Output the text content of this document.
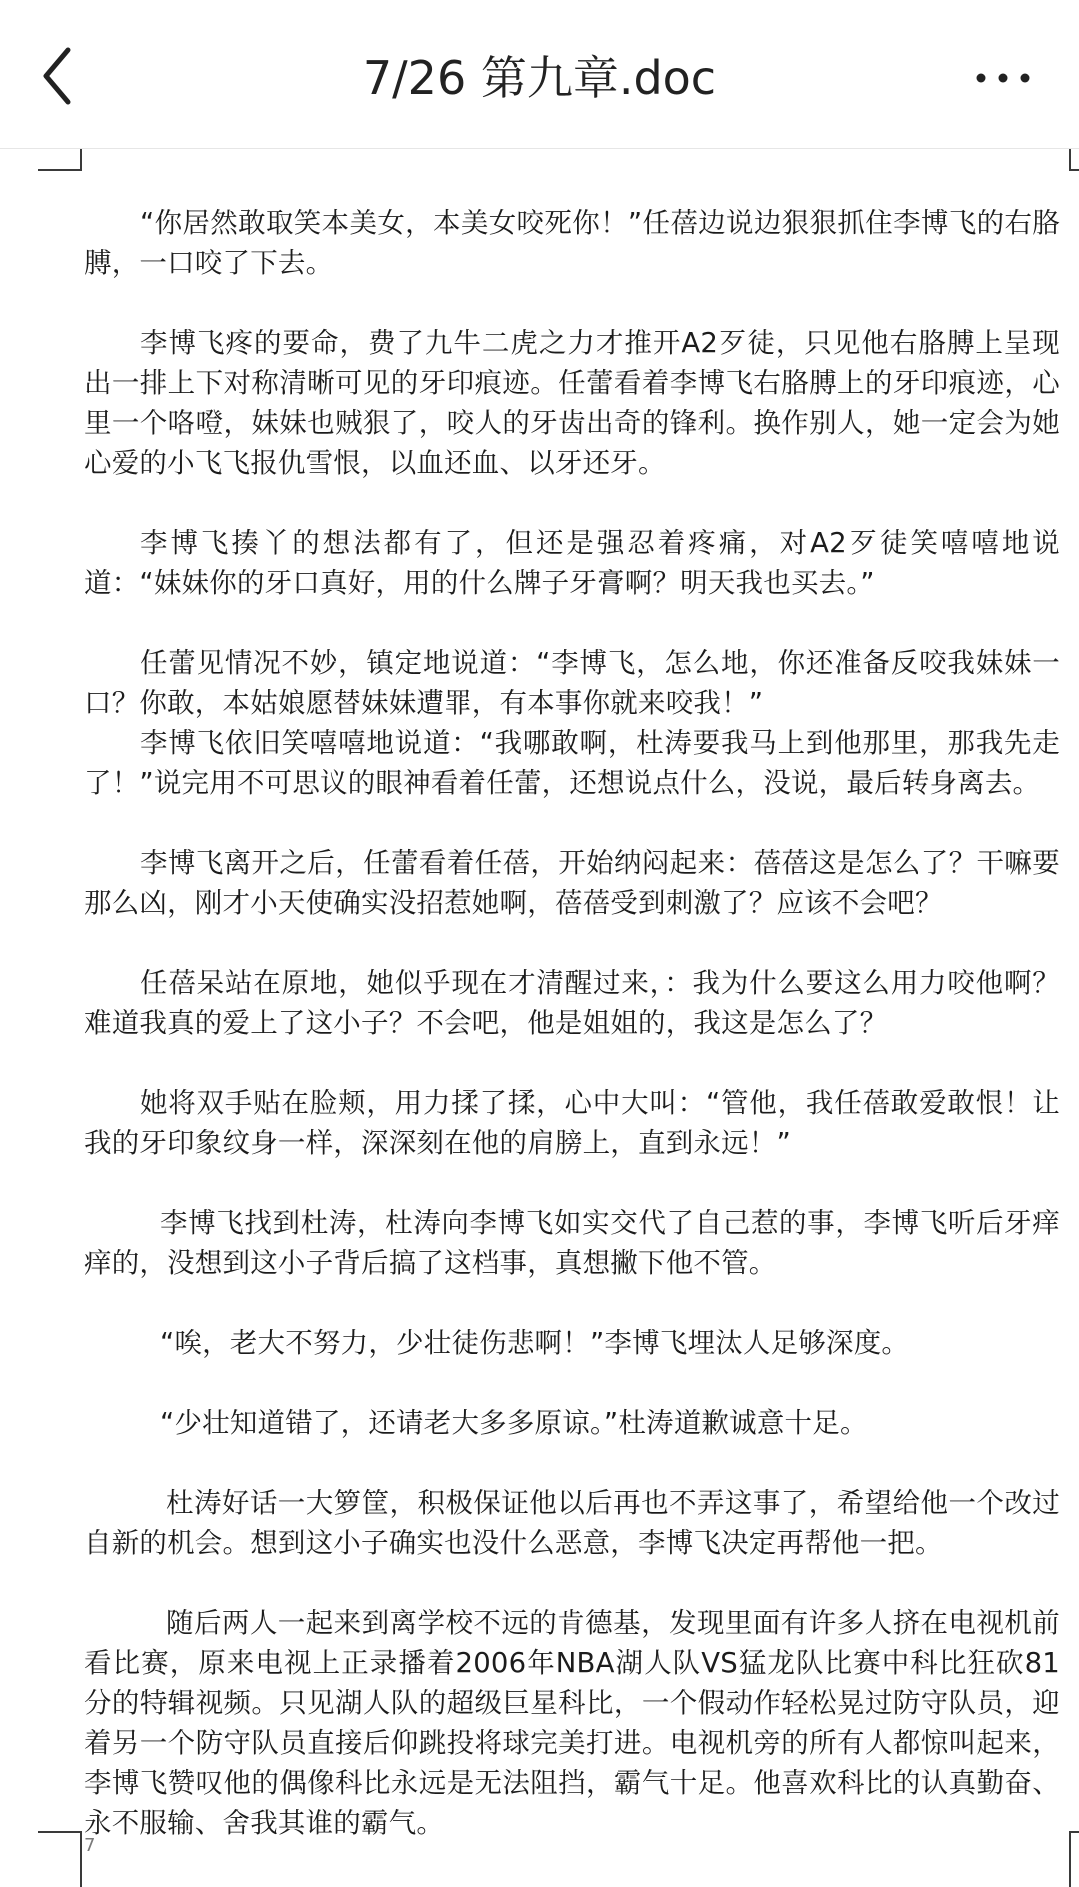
7/26 第九章.doc

“你居然敢取笑本美女，本美女咬死你！”任蓓边说边狠狠抓住李博飞的右胳膊，一口咬了下去。

李博飞疼的要命，费了九牛二虎之力才推开A2歹徒，只见他右胳膊上呈现出一排上下对称清晰可见的牙印痕迹。任蕾看着李博飞右胳膊上的牙印痕迹，心里一个咯噔，妹妹也贼狠了，咬人的牙齿出奇的锋利。换作别人，她一定会为她心爱的小飞飞报仇雪恨，以血还血、以牙还牙。

李博飞揍丫的想法都有了，但还是强忍着疼痛，对A2歹徒笑嘻嘻地说道：“妹妹你的牙口真好，用的什么牌子牙膏啊？明天我也买去。”

任蕾见情况不妙，镇定地说道：“李博飞，怎么地，你还准备反咬我妹妹一口？你敢，本姑娘愿替妹妹遭罪，有本事你就来咬我！”

李博飞依旧笑嘻嘻地说道：“我哪敢啊，杜涛要我马上到他那里，那我先走了！”说完用不可思议的眼神看着任蕾，还想说点什么，没说，最后转身离去。

李博飞离开之后，任蕾看着任蓓，开始纳闷起来：蓓蓓这是怎么了？干嘛要那么凶，刚才小天使确实没招惹她啊，蓓蓓受到刺激了？应该不会吧？

任蓓呆站在原地，她似乎现在才清醒过来，：我为什么要这么用力咬他啊？难道我真的爱上了这小子？不会吧，他是姐姐的，我这是怎么了？

她将双手贴在脸颊，用力揉了揉，心中大叫：“管他，我任蓓敢爱敢恨！让我的牙印象纹身一样，深深刻在他的肩膀上，直到永远！”

李博飞找到杜涛，杜涛向李博飞如实交代了自己惹的事，李博飞听后牙痒痒的，没想到这小子背后搞了这档事，真想撇下他不管。

“唉，老大不努力，少壮徒伤悲啊！”李博飞埋汰人足够深度。

“少壮知道错了，还请老大多多原谅。”杜涛道歉诚意十足。

杜涛好话一大箩筐，积极保证他以后再也不弄这事了，希望给他一个改过自新的机会。想到这小子确实也没什么恶意，李博飞决定再帮他一把。

随后两人一起来到离学校不远的肯德基，发现里面有许多人挤在电视机前看比赛，原来电视上正录播着2006年NBA湖人队VS猛龙队比赛中科比狂砍81分的特辑视频。只见湖人队的超级巨星科比，一个假动作轻松晃过防守队员，迎着另一个防守队员直接后仰跳投将球完美打进。电视机旁的所有人都惊叫起来，李博飞赞叹他的偶像科比永远是无法阻挡，霸气十足。他喜欢科比的认真勤奋、永不服输、舍我其谁的霸气。

7
